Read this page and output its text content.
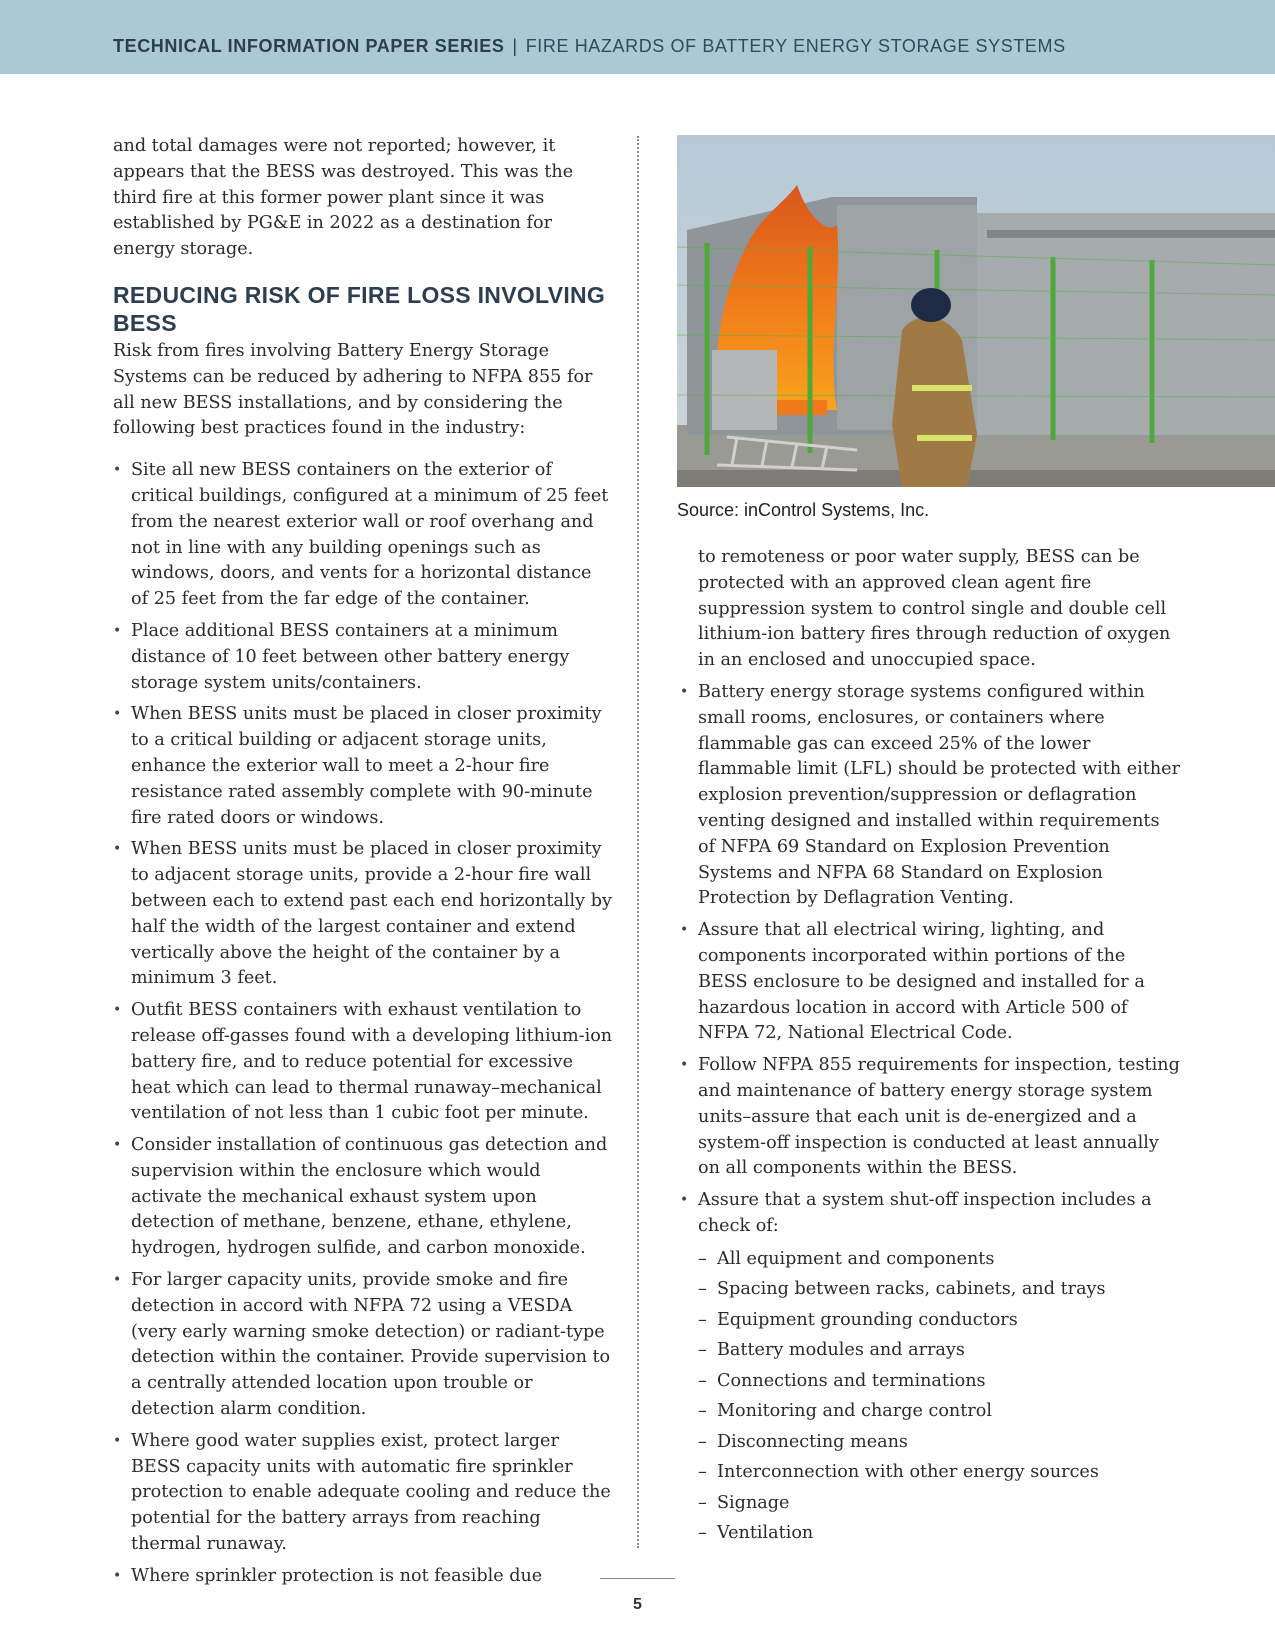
TECHNICAL INFORMATION PAPER SERIES | FIRE HAZARDS OF BATTERY ENERGY STORAGE SYSTEMS

and total damages were not reported; however, it appears that the BESS was destroyed. This was the third fire at this former power plant since it was established by PG&E in 2022 as a destination for energy storage.

REDUCING RISK OF FIRE LOSS INVOLVING BESS

Risk from fires involving Battery Energy Storage Systems can be reduced by adhering to NFPA 855 for all new BESS installations, and by considering the following best practices found in the industry:

• Site all new BESS containers on the exterior of critical buildings, configured at a minimum of 25 feet from the nearest exterior wall or roof overhang and not in line with any building openings such as windows, doors, and vents for a horizontal distance of 25 feet from the far edge of the container.
• Place additional BESS containers at a minimum distance of 10 feet between other battery energy storage system units/containers.
• When BESS units must be placed in closer proximity to a critical building or adjacent storage units, enhance the exterior wall to meet a 2-hour fire resistance rated assembly complete with 90-minute fire rated doors or windows.
• When BESS units must be placed in closer proximity to adjacent storage units, provide a 2-hour fire wall between each to extend past each end horizontally by half the width of the largest container and extend vertically above the height of the container by a minimum 3 feet.
• Outfit BESS containers with exhaust ventilation to release off-gasses found with a developing lithium-ion battery fire, and to reduce potential for excessive heat which can lead to thermal runaway–mechanical ventilation of not less than 1 cubic foot per minute.
• Consider installation of continuous gas detection and supervision within the enclosure which would activate the mechanical exhaust system upon detection of methane, benzene, ethane, ethylene, hydrogen, hydrogen sulfide, and carbon monoxide.
• For larger capacity units, provide smoke and fire detection in accord with NFPA 72 using a VESDA (very early warning smoke detection) or radiant-type detection within the container. Provide supervision to a centrally attended location upon trouble or detection alarm condition.
• Where good water supplies exist, protect larger BESS capacity units with automatic fire sprinkler protection to enable adequate cooling and reduce the potential for the battery arrays from reaching thermal runaway.
• Where sprinkler protection is not feasible due
Source: inControl Systems, Inc.

to remoteness or poor water supply, BESS can be protected with an approved clean agent fire suppression system to control single and double cell lithium-ion battery fires through reduction of oxygen in an enclosed and unoccupied space.

• Battery energy storage systems configured within small rooms, enclosures, or containers where flammable gas can exceed 25% of the lower flammable limit (LFL) should be protected with either explosion prevention/suppression or deflagration venting designed and installed within requirements of NFPA 69 Standard on Explosion Prevention Systems and NFPA 68 Standard on Explosion Protection by Deflagration Venting.
• Assure that all electrical wiring, lighting, and components incorporated within portions of the BESS enclosure to be designed and installed for a hazardous location in accord with Article 500 of NFPA 72, National Electrical Code.
• Follow NFPA 855 requirements for inspection, testing and maintenance of battery energy storage system units–assure that each unit is de-energized and a system-off inspection is conducted at least annually on all components within the BESS.
• Assure that a system shut-off inspection includes a check of:
– All equipment and components
– Spacing between racks, cabinets, and trays
– Equipment grounding conductors
– Battery modules and arrays
– Connections and terminations
– Monitoring and charge control
– Disconnecting means
– Interconnection with other energy sources
– Signage
– Ventilation
5
